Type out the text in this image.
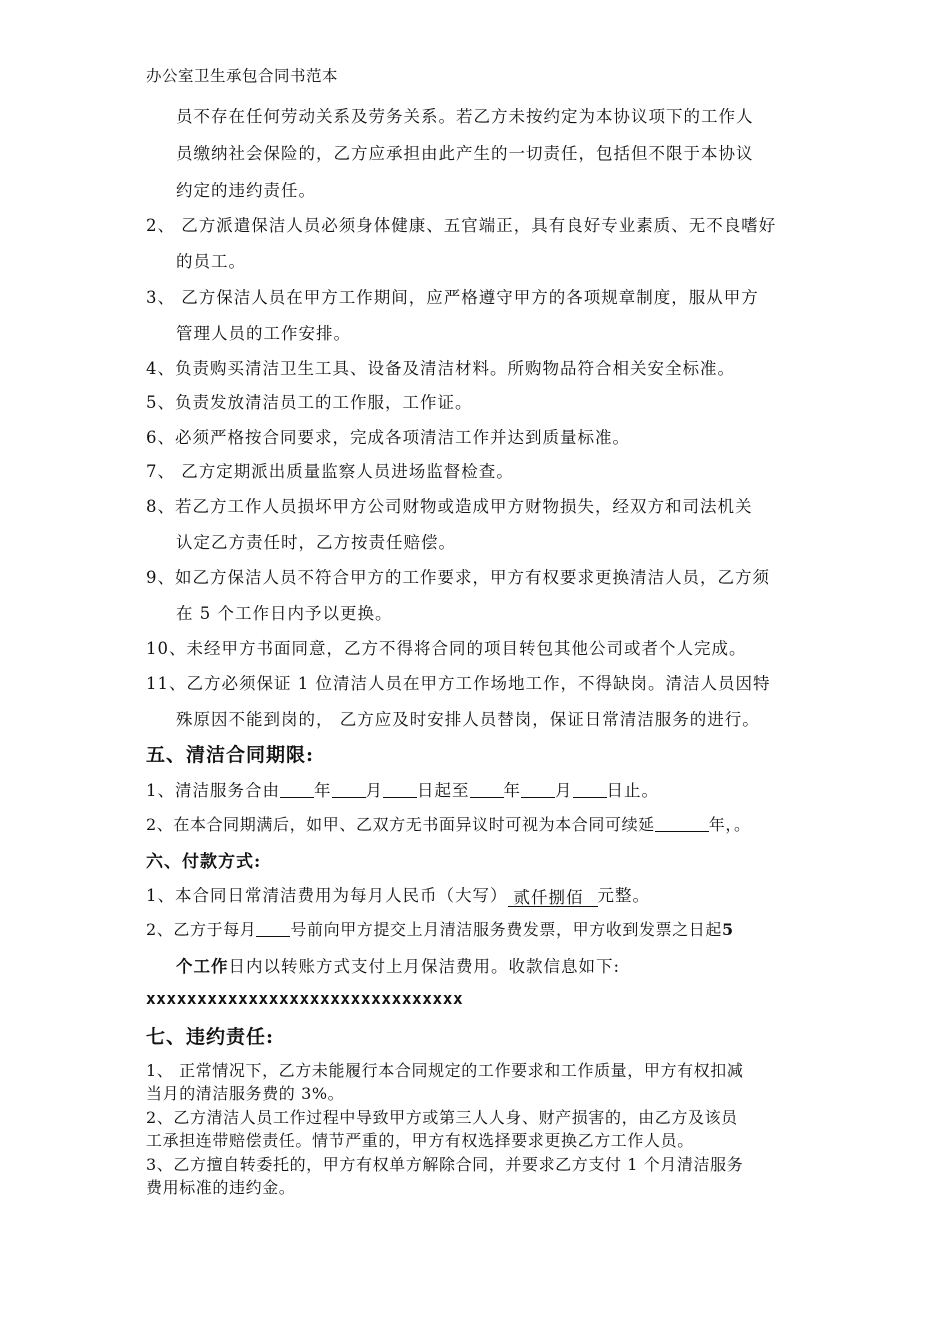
办公室卫生承包合同书范本
员不存在任何劳动关系及劳务关系。若乙方未按约定为本协议项下的工作人
员缴纳社会保险的，乙方应承担由此产生的一切责任，包括但不限于本协议
约定的违约责任。
2、 乙方派遣保洁人员必须身体健康、五官端正，具有良好专业素质、无不良嗜好
的员工。
3、 乙方保洁人员在甲方工作期间，应严格遵守甲方的各项规章制度，服从甲方
管理人员的工作安排。
4、负责购买清洁卫生工具、设备及清洁材料。所购物品符合相关安全标准。
5、负责发放清洁员工的工作服，工作证。
6、必须严格按合同要求，完成各项清洁工作并达到质量标准。
7、 乙方定期派出质量监察人员进场监督检查。
8、若乙方工作人员损坏甲方公司财物或造成甲方财物损失，经双方和司法机关
认定乙方责任时，乙方按责任赔偿。
9、如乙方保洁人员不符合甲方的工作要求，甲方有权要求更换清洁人员，乙方须
在 5 个工作日内予以更换。
10、未经甲方书面同意，乙方不得将合同的项目转包其他公司或者个人完成。
11、乙方必须保证 1 位清洁人员在甲方工作场地工作，不得缺岗。清洁人员因特
殊原因不能到岗的， 乙方应及时安排人员替岗，保证日常清洁服务的进行。
五、清洁合同期限:
1、清洁服务合由 年 月 日起至 年 月 日止。
2、在本合同期满后，如甲、乙双方无书面异议时可视为本合同可续延	年，。
六、付款方式:
1、本合同日常清洁费用为每月人民币（大写） 贰仟捌佰 元整。
2、乙方于每月 号前向甲方提交上月清洁服务费发票，甲方收到发票之日起5
个工作日内以转账方式支付上月保洁费用。收款信息如下:
xxxxxxxxxxxxxxxxxxxxxxxxxxxxxxx
七、违约责任:
1、 正常情况下，乙方未能履行本合同规定的工作要求和工作质量，甲方有权扣减
当月的清洁服务费的 3%。
2、乙方清洁人员工作过程中导致甲方或第三人人身、财产损害的，由乙方及该员
工承担连带赔偿责任。情节严重的，甲方有权选择要求更换乙方工作人员。
3、乙方擅自转委托的，甲方有权单方解除合同，并要求乙方支付 1 个月清洁服务
费用标准的违约金。
